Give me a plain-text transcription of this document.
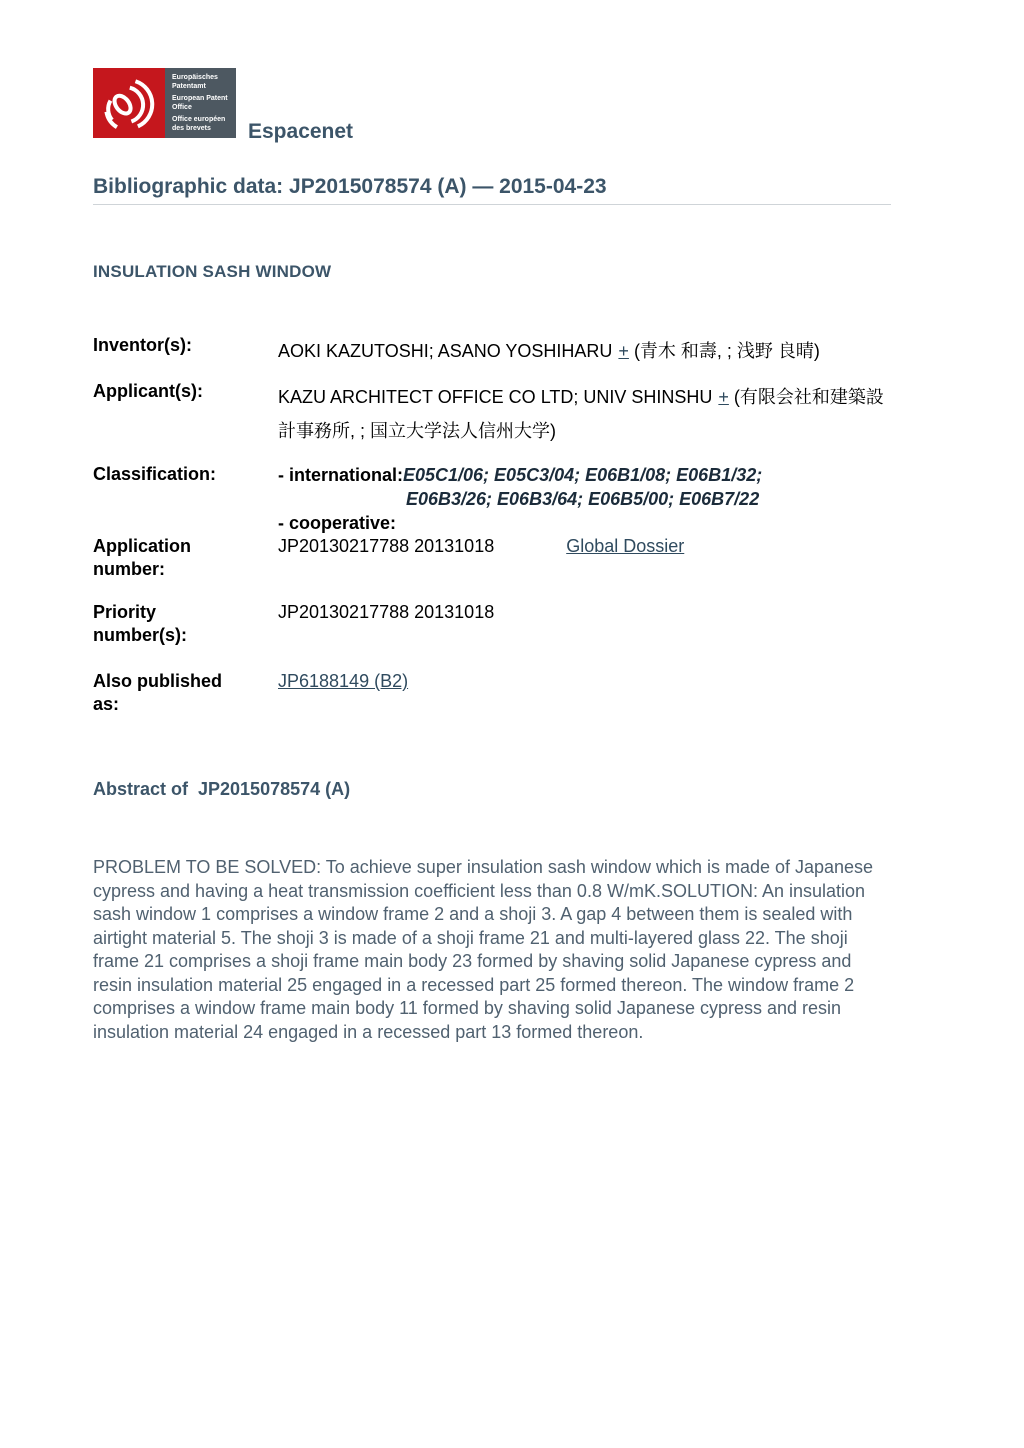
Europäisches Patentamt
European Patent Office
Office européen des brevets	Espacenet
Bibliographic data: JP2015078574 (A) — 2015-04-23
INSULATION SASH WINDOW
Inventor(s):	AOKI KAZUTOSHI; ASANO YOSHIHARU + (青木 和壽, ; 浅野 良晴)
Applicant(s):	KAZU ARCHITECT OFFICE CO LTD; UNIV SHINSHU + (有限会社和建築設計事務所, ; 国立大学法人信州大学)
Classification:	- international:E05C1/06; E05C3/04; E06B1/08; E06B1/32;
E06B3/26; E06B3/64; E06B5/00; E06B7/22
- cooperative:
Application number:
JP20130217788 20131018	Global Dossier
Priority number(s):
JP20130217788 20131018
Also published as:
JP6188149 (B2)
Abstract of  JP2015078574 (A)

PROBLEM TO BE SOLVED: To achieve super insulation sash window which is made of Japanese cypress and having a heat transmission coefficient less than 0.8 W/mK.SOLUTION: An insulation sash window 1 comprises a window frame 2 and a shoji 3. A gap 4 between them is sealed with airtight material 5. The shoji 3 is made of a shoji frame 21 and multi-layered glass 22. The shoji frame 21 comprises a shoji frame main body 23 formed by shaving solid Japanese cypress and resin insulation material 25 engaged in a recessed part 25 formed thereon. The window frame 2 comprises a window frame main body 11 formed by shaving solid Japanese cypress and resin insulation material 24 engaged in a recessed part 13 formed thereon.
